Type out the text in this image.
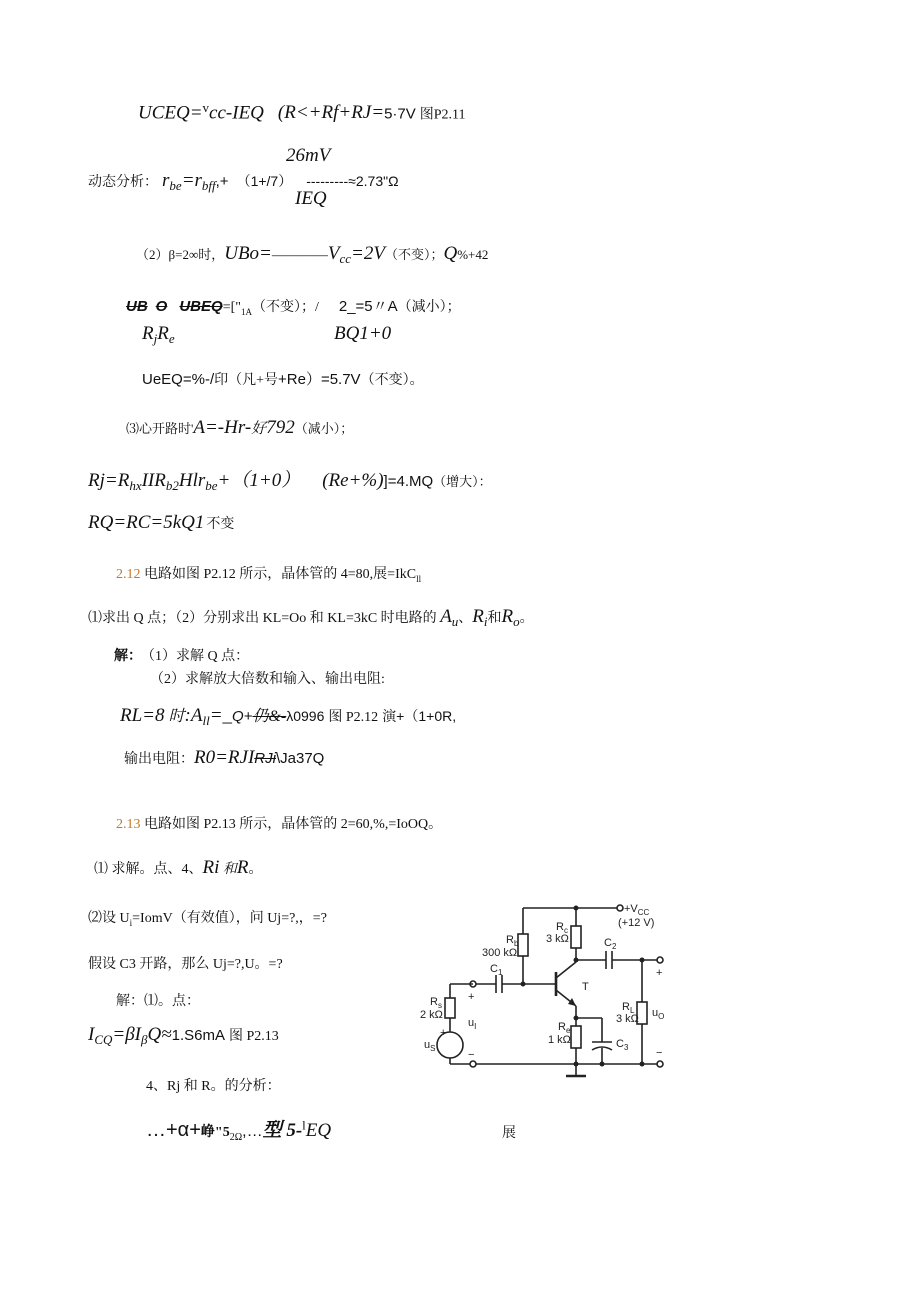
UCEQ=$^v$cc-IEQ (R<+Rf+RJ=5·7V 图P2.11
26mV
动态分析： $r_{be}=r_{bff},+ (1+/7)$ ---------≈2.73"Ω
IEQ
（2）β=2∞时，$UBo=————V_{cc}=2V$（不变）；Q%+42
UB O $UBEQ=["_{1A}$（不变）；/ 2_=5〃A（减小）；
$R_jR_e$	BQ1+0
UeEQ=%-/印（凡+号+Re）=5.7V（不变）。
⑶心开路时'A=-Hr-好792（减小）；
$Rj=R_{hx}IIR_{b2}Hlr_{be}+(1+0)$ (Re+%)]=4.MQ（增大）：
RQ=RC=5kQ1 不变
2.12 电路如图 P2.12 所示，晶体管的 4=80,展=IkC$_{ll}$
⑴求出 Q 点；（2）分别求出 KL=Oo 和 KL=3kC 时电路的 $A_u$、$R_i$和$R_o$。
解： （1）求解 Q 点：
（2）求解放大倍数和输入、输出电阻:
RL=8 时$:A_{ll}=\_Q+$仍&-λ0996 图 P2.12 演+（1+0R,
输出电阻：R0=RJIRJi\Ja37Q
2.13 电路如图 P2.13 所示，晶体管的 2=60,%,=IoOQ。
⑴ 求解。点、4、Ri 和R。
⑵设 $U_i=IomV$（有效值），问 Uj=?,，=?
假设 C3 开路，那么 Uj=?,U。=?
解：⑴。点：
$I_{CQ}=\beta I_\beta Q\approx 1.S6mA$ 图 P2.13
4、Rj 和 R。的分析：
…+α+峥"$5_{2\Omega},\dots$型 5-$^l$EQ	展
$+V_{CC}$
(+12 V)
$R_b$
300 kΩ
$R_c$
3 kΩ	$C_2$
$C_1$
T
$R_s$
2 kΩ
$R_e$
1 kΩ	$C_3$
$R_L$
3 kΩ $u_O$
$u_I$
$u_S$
+
−
+
+
−
